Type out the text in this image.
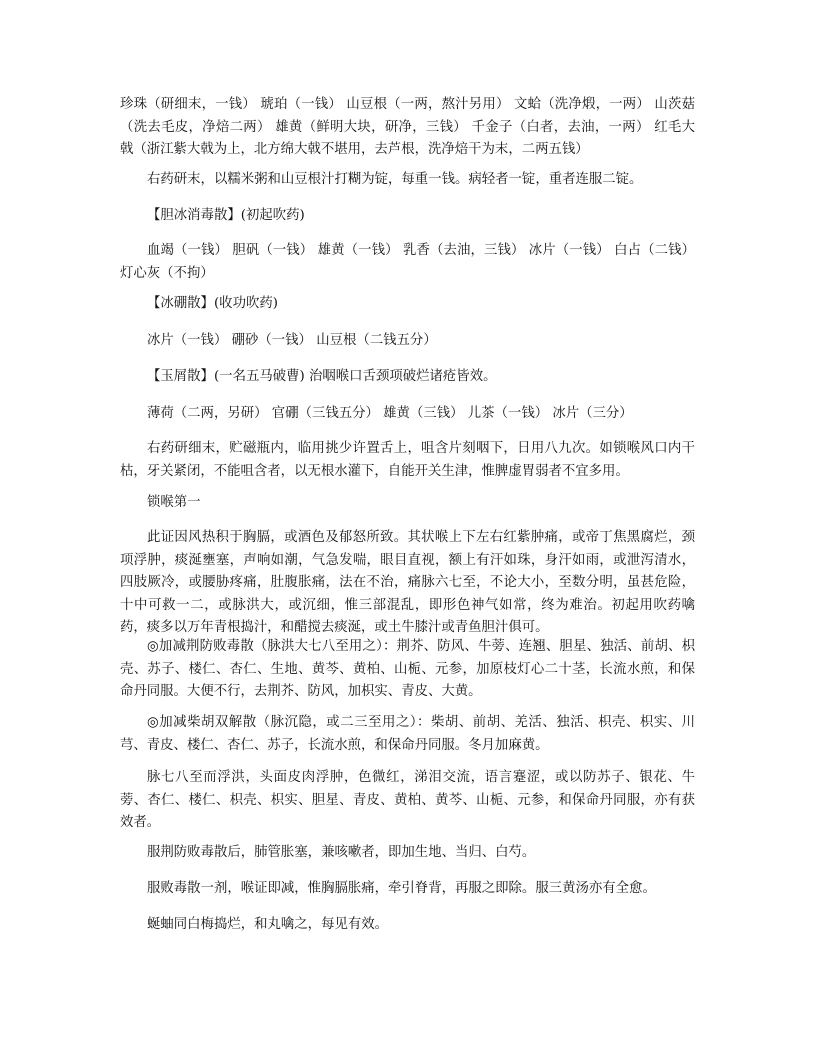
珍珠（研细末，一钱） 琥珀（一钱） 山豆根（一两，熬汁另用） 文蛤（洗净煅，一两） 山茨菇（洗去毛皮，净焙二两） 雄黄（鲜明大块，研净，三钱） 千金子（白者，去油，一两） 红毛大戟（浙江紫大戟为上，北方绵大戟不堪用，去芦根，洗净焙干为末，二两五钱）

右药研末，以糯米粥和山豆根汁打糊为锭，每重一钱。病轻者一锭，重者连服二锭。

【胆冰消毒散】(初起吹药)

血竭（一钱） 胆矾（一钱） 雄黄（一钱） 乳香（去油，三钱） 冰片（一钱） 白占（二钱） 灯心灰（不拘）

【冰硼散】(收功吹药)

冰片（一钱） 硼砂（一钱） 山豆根（二钱五分）

【玉屑散】(一名五马破曹) 治咽喉口舌颈项破烂诸疮皆效。

薄荷（二两，另研） 官硼（三钱五分） 雄黄（三钱） 儿茶（一钱） 冰片（三分）

右药研细末，贮磁瓶内，临用挑少许置舌上，咀含片刻咽下，日用八九次。如锁喉风口内干枯，牙关紧闭，不能咀含者，以无根水灌下，自能开关生津，惟脾虚胃弱者不宜多用。

锁喉第一

此证因风热积于胸膈，或酒色及郁怒所致。其状喉上下左右红紫肿痛，或帝丁焦黑腐烂，颈项浮肿，痰涎壅塞，声响如潮，气急发喘，眼目直视，额上有汗如珠，身汗如雨，或泄泻清水，四肢厥冷，或腰胁疼痛，肚腹胀痛，法在不治，痛脉六七至，不论大小，至数分明，虽甚危险，十中可救一二，或脉洪大，或沉细，惟三部混乱，即形色神气如常，终为难治。初起用吹药噙药，痰多以万年青根捣汁，和醋搅去痰涎，或土牛膝汁或青鱼胆汁俱可。

◎加减荆防败毒散（脉洪大七八至用之）：荆芥、防风、牛蒡、连翘、胆星、独活、前胡、枳壳、苏子、楼仁、杏仁、生地、黄芩、黄柏、山栀、元参，加原枝灯心二十茎，长流水煎，和保命丹同服。大便不行，去荆芥、防风，加枳实、青皮、大黄。

◎加减柴胡双解散（脉沉隐，或二三至用之）：柴胡、前胡、羌活、独活、枳壳、枳实、川芎、青皮、楼仁、杏仁、苏子，长流水煎，和保命丹同服。冬月加麻黄。

脉七八至而浮洪，头面皮肉浮肿，色微红，涕泪交流，语言蹇涩，或以防苏子、银花、牛蒡、杏仁、楼仁、枳壳、枳实、胆星、青皮、黄柏、黄芩、山栀、元参，和保命丹同服，亦有获效者。

服荆防败毒散后，肺管胀塞，兼咳嗽者，即加生地、当归、白芍。

服败毒散一剂，喉证即减，惟胸膈胀痛，牵引脊背，再服之即除。服三黄汤亦有全愈。

蜒蚰同白梅捣烂，和丸噙之，每见有效。
